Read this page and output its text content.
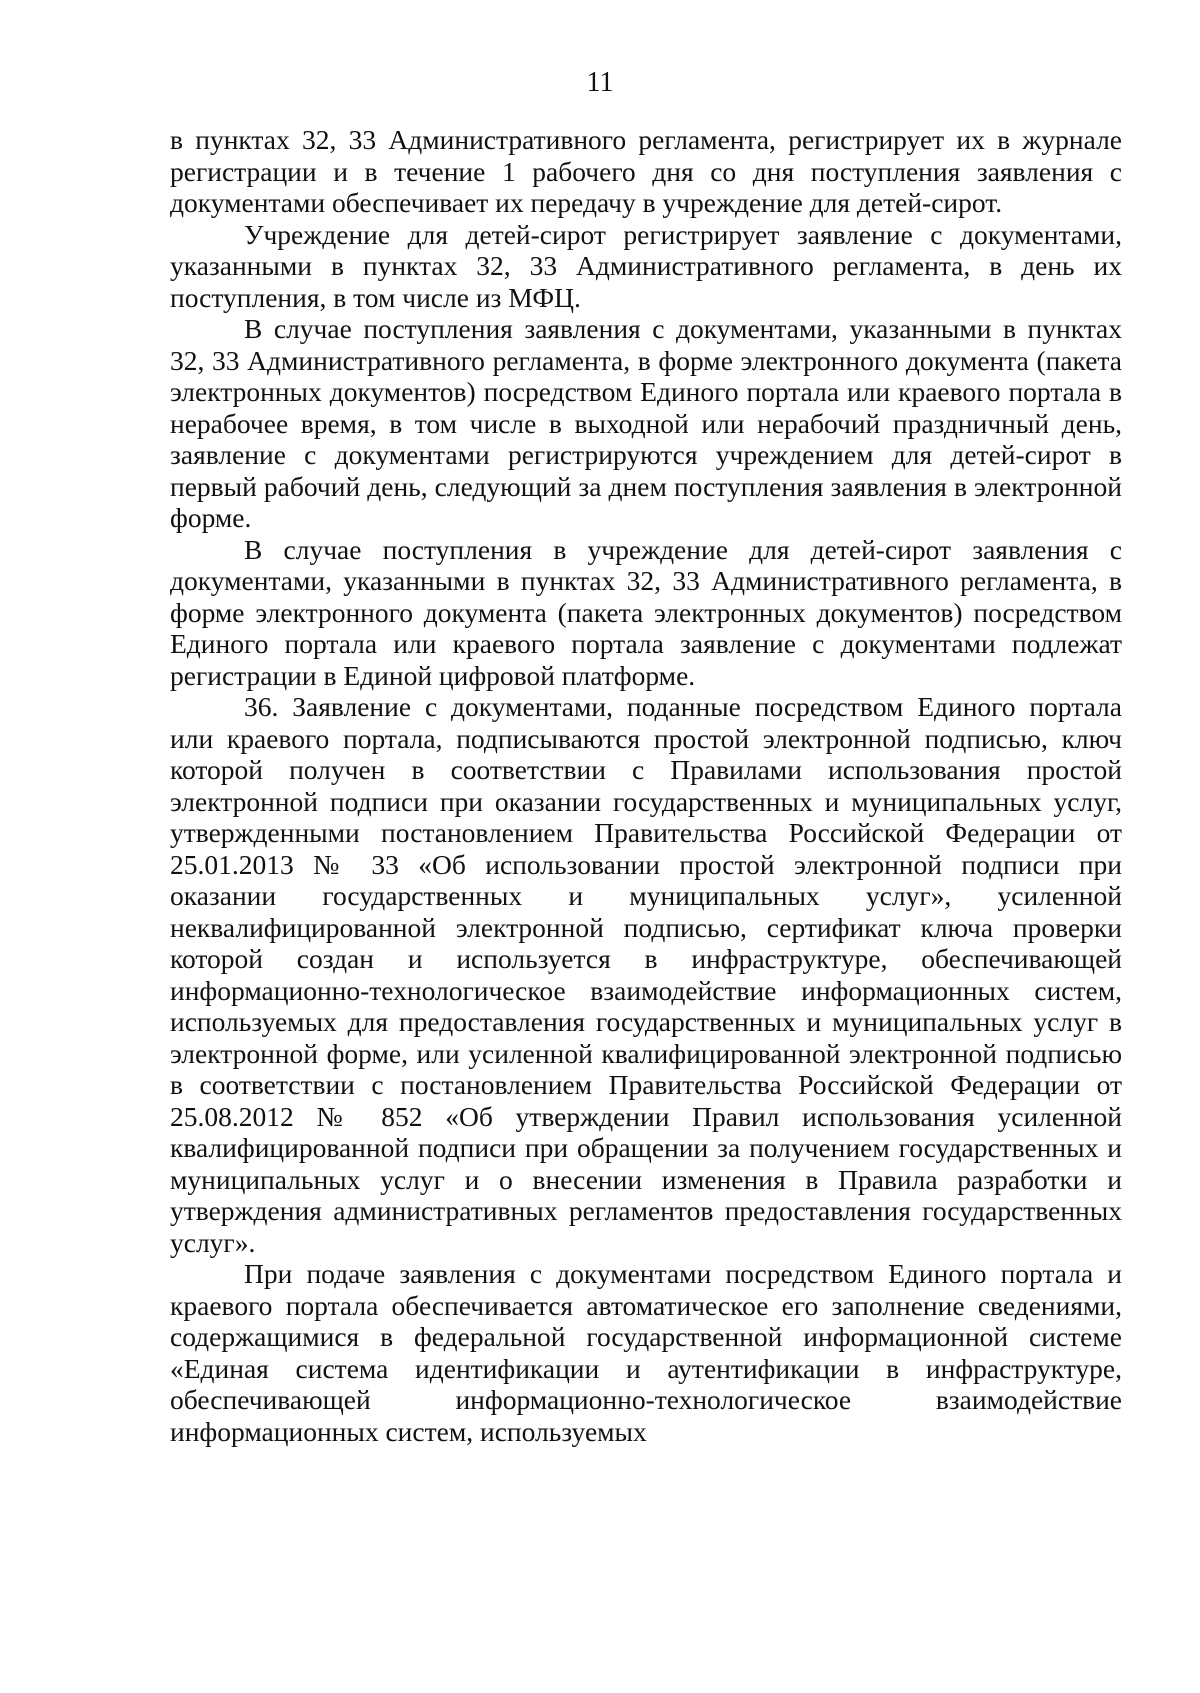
11

в пунктах 32, 33 Административного регламента, регистрирует их в журнале регистрации и в течение 1 рабочего дня со дня поступления заявления с документами обеспечивает их передачу в учреждение для детей-сирот.

Учреждение для детей-сирот регистрирует заявление с документами, указанными в пунктах 32, 33 Административного регламента, в день их поступления, в том числе из МФЦ.

В случае поступления заявления с документами, указанными в пунктах 32, 33 Административного регламента, в форме электронного документа (пакета электронных документов) посредством Единого портала или краевого портала в нерабочее время, в том числе в выходной или нерабочий праздничный день, заявление с документами регистрируются учреждением для детей-сирот в первый рабочий день, следующий за днем поступления заявления в электронной форме.

В случае поступления в учреждение для детей-сирот заявления с документами, указанными в пунктах 32, 33 Административного регламента, в форме электронного документа (пакета электронных документов) посредством Единого портала или краевого портала заявление с документами подлежат регистрации в Единой цифровой платформе.

36. Заявление с документами, поданные посредством Единого портала или краевого портала, подписываются простой электронной подписью, ключ которой получен в соответствии с Правилами использования простой электронной подписи при оказании государственных и муниципальных услуг, утвержденными постановлением Правительства Российской Федерации от 25.01.2013 № 33 «Об использовании простой электронной подписи при оказании государственных и муниципальных услуг», усиленной неквалифицированной электронной подписью, сертификат ключа проверки которой создан и используется в инфраструктуре, обеспечивающей информационно-технологическое взаимодействие информационных систем, используемых для предоставления государственных и муниципальных услуг в электронной форме, или усиленной квалифицированной электронной подписью в соответствии с постановлением Правительства Российской Федерации от 25.08.2012 № 852 «Об утверждении Правил использования усиленной квалифицированной подписи при обращении за получением государственных и муниципальных услуг и о внесении изменения в Правила разработки и утверждения административных регламентов предоставления государственных услуг».

При подаче заявления с документами посредством Единого портала и краевого портала обеспечивается автоматическое его заполнение сведениями, содержащимися в федеральной государственной информационной системе «Единая система идентификации и аутентификации в инфраструктуре, обеспечивающей информационно-технологическое взаимодействие информационных систем, используемых
